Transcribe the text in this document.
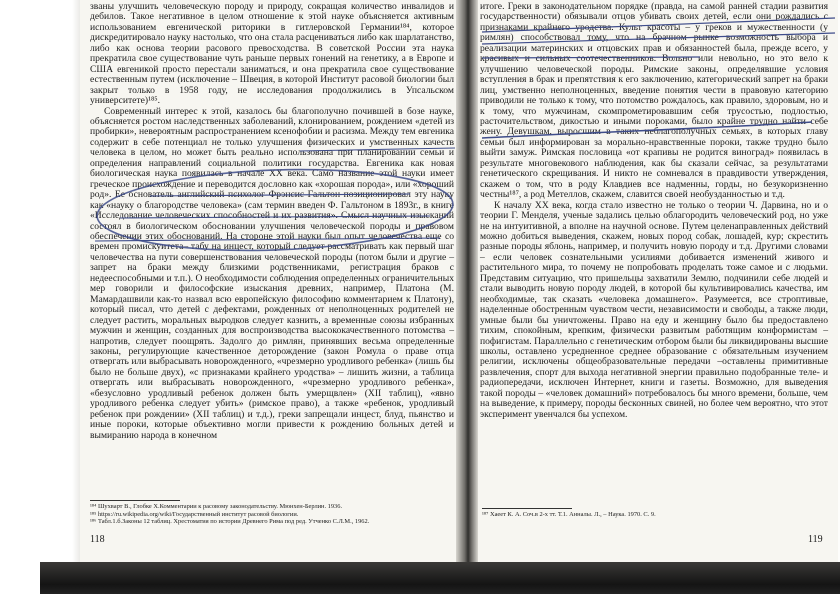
званы улучшить человеческую породу и природу, сокращая количество инвалидов и дебилов. Такое негативное в целом отношение к этой науке объясняется активным использованием евгенической риторики в гитлеровской Германии¹⁸⁴, которое дискредитировало науку настолько, что она стала расцениваться либо как шарлатанство, либо как основа теории расового превосходства. В советской России эта наука прекратила свое существование чуть раньше первых гонений на генетику, а в Европе и США евгеникой просто перестали заниматься, и она прекратила свое существование естественным путем (исключение – Швеция, в которой Институт расовой биологии был закрыт только в 1958 году, не исследования продолжились в Упсальском университете)¹⁸⁵.

Современный интерес к этой, казалось бы благополучно почившей в бозе науке, объясняется ростом наследственных заболеваний, клонированием, рождением «детей из пробирки», невероятным распространением ксенофобии и расизма. Между тем евгеника содержит в себе потенциал не только улучшения физических и умственных качеств человека в целом, но может быть реально использована при планировании семьи и определения направлений социальной политики государства. Евгеника как новая биологическая наука появилась в начале XX века. Само название этой науки имеет греческое происхождение и переводится дословно как «хорошая порода», или «хороший род». Ее основатель английский психолог Фрэнсис Гальтон позиционировал эту науку как «науку о благородстве человека» (сам термин введен Ф. Гальтоном в 1893г., в книге «Исследование человеческих способностей и их развития». Смысл научных изысканий состоял в биологическом обосновании улучшения человеческой породы и правовом обеспечении этих обоснований. На стороне этой науки был опыт человечества еще со времен промискуитета– табу на инцест, который следует рассматривать как первый шаг человечества на пути совершенствования человеческой породы (потом были и другие – запрет на браки между близкими родственниками, регистрация браков с недееспособными и т.п.). О необходимости соблюдения определенных ограничительных мер говорили и философские изыскания древних, например, Платона (М. Мамардашвили как-то назвал всю европейскую философию комментарием к Платону), который писал, что детей с дефектами, рожденных от неполноценных родителей не следует растить, моральных выродков следует казнить, а временные союзы избранных мужчин и женщин, созданных для воспроизводства высококачественного потомства – напротив, следует поощрять. Задолго до римлян, принявших весьма определенные законы, регулирующие качественное деторождение (закон Ромула о праве отца отвергать или выбрасывать новорожденного, «чрезмерно уродливого ребенка» (лишь бы было не больше двух), «с признаками крайнего уродства» – лишить жизни, а таблица отвергать или выбрасывать новорожденного, «чрезмерно уродливого ребенка», «безусловно уродливый ребенок должен быть умерщвлен» (XII таблиц), «явно уродливого ребенка следует убить» (римское право), а также «ребенок, уродливый ребенок при рождении» (XII таблиц) и т.д.), греки запрещали инцест, блуд, пьянство и иные пороки, которые объективно могли привести к рождению больных детей и вымиранию народа в конечном

¹⁸⁴ Шухварт В., Глобке Х.Комментарии к расовому законодательству. Мюнхен-Берлин. 1936.
¹⁸⁵ https://ru.wikipedia.org/wiki/Государственный институт расовой биологии.
¹⁸⁶ Табл.1.б.Законы 12 таблиц. Хрестоматия по истории Древнего Рима под ред. Утченко С.Л.М., 1962.
118

итоге. Греки в законодательном порядке (правда, на самой ранней стадии развития государственности) обязывали отцов убивать своих детей, если они рождались с признаками крайнего уродства. Культ красоты – у греков и мужественности (у римлян) способствовал тому, что на брачном рынке возможность выбора и реализации материнских и отцовских прав и обязанностей была, прежде всего, у красивых и сильных соотечественников. Вольно или невольно, но это вело к улучшению человеческой породы. Римские законы, определявшие условия вступления в брак и препятствия к его заключению, категорический запрет на браки лиц, умственно неполноценных, введение понятия чести в правовую категорию приводили не только к тому, что потомство рождалось, как правило, здоровым, но и к тому, что мужчинам, скомпрометировавшим себя трусостью, подлостью, расточительством, дикостью и иными пороками, было крайне трудно найти себе жену. Девушкам, выросшим в таких неблагополучных семьях, в которых главу семьи был информирован за морально-нравственные пороки, также трудно было выйти замуж. Римская пословица «от крапивы не родится виноград» появилась в результате многовекового наблюдения, как бы сказали сейчас, за результатами генетического скрещивания. И никто не сомневался в правдивости утверждения, скажем о том, что в роду Клавдиев все надменны, горды, но безукоризненно честны¹⁸⁷, а род Метеллов, скажем, славится своей необузданностью и т.д.

К началу XX века, когда стало известно не только о теории Ч. Дарвина, но и о теории Г. Менделя, ученые задались целью облагородить человеческий род, но уже не на интуитивной, а вполне на научной основе. Путем целенаправленных действий можно добиться выведения, скажем, новых пород собак, лошадей, кур; скрестить разные породы яблонь, например, и получить новую породу и т.д. Другими словами – если человек сознательными усилиями добивается изменений живого и растительного мира, то почему не попробовать проделать тоже самое и с людьми. Представим ситуацию, что пришельцы захватили Землю, подчинили себе людей и стали выводить новую породу людей, в которой бы культивировались качества, им необходимые, так сказать «человека домашнего». Разумеется, все строптивые, наделенные обостренным чувством чести, независимости и свободы, а также люди, умные были бы уничтожены. Право на еду и женщину было бы предоставлено тихим, спокойным, крепким, физически развитым работящим конформистам – пофигистам. Параллельно с генетическим отбором были бы ликвидированы высшие школы, оставлено усредненное среднее образование с обязательным изучением религии, исключены общеобразовательные передачи –оставлены примитивные развлечения, спорт для выхода негативной энергии правильно подобранные теле- и радиопередачи, исключен Интернет, книги и газеты. Возможно, для выведения такой породы – «человек домашний» потребовалось бы много времени, больше, чем на выведение, к примеру, породы бесконных свиней, но более чем вероятно, что этот эксперимент увенчался бы успехом.

¹⁸⁷ Хаеет К. А. Соч.в 2-х тт. Т.1. Анналы. Л., – Наука. 1970. С. 9.
119
